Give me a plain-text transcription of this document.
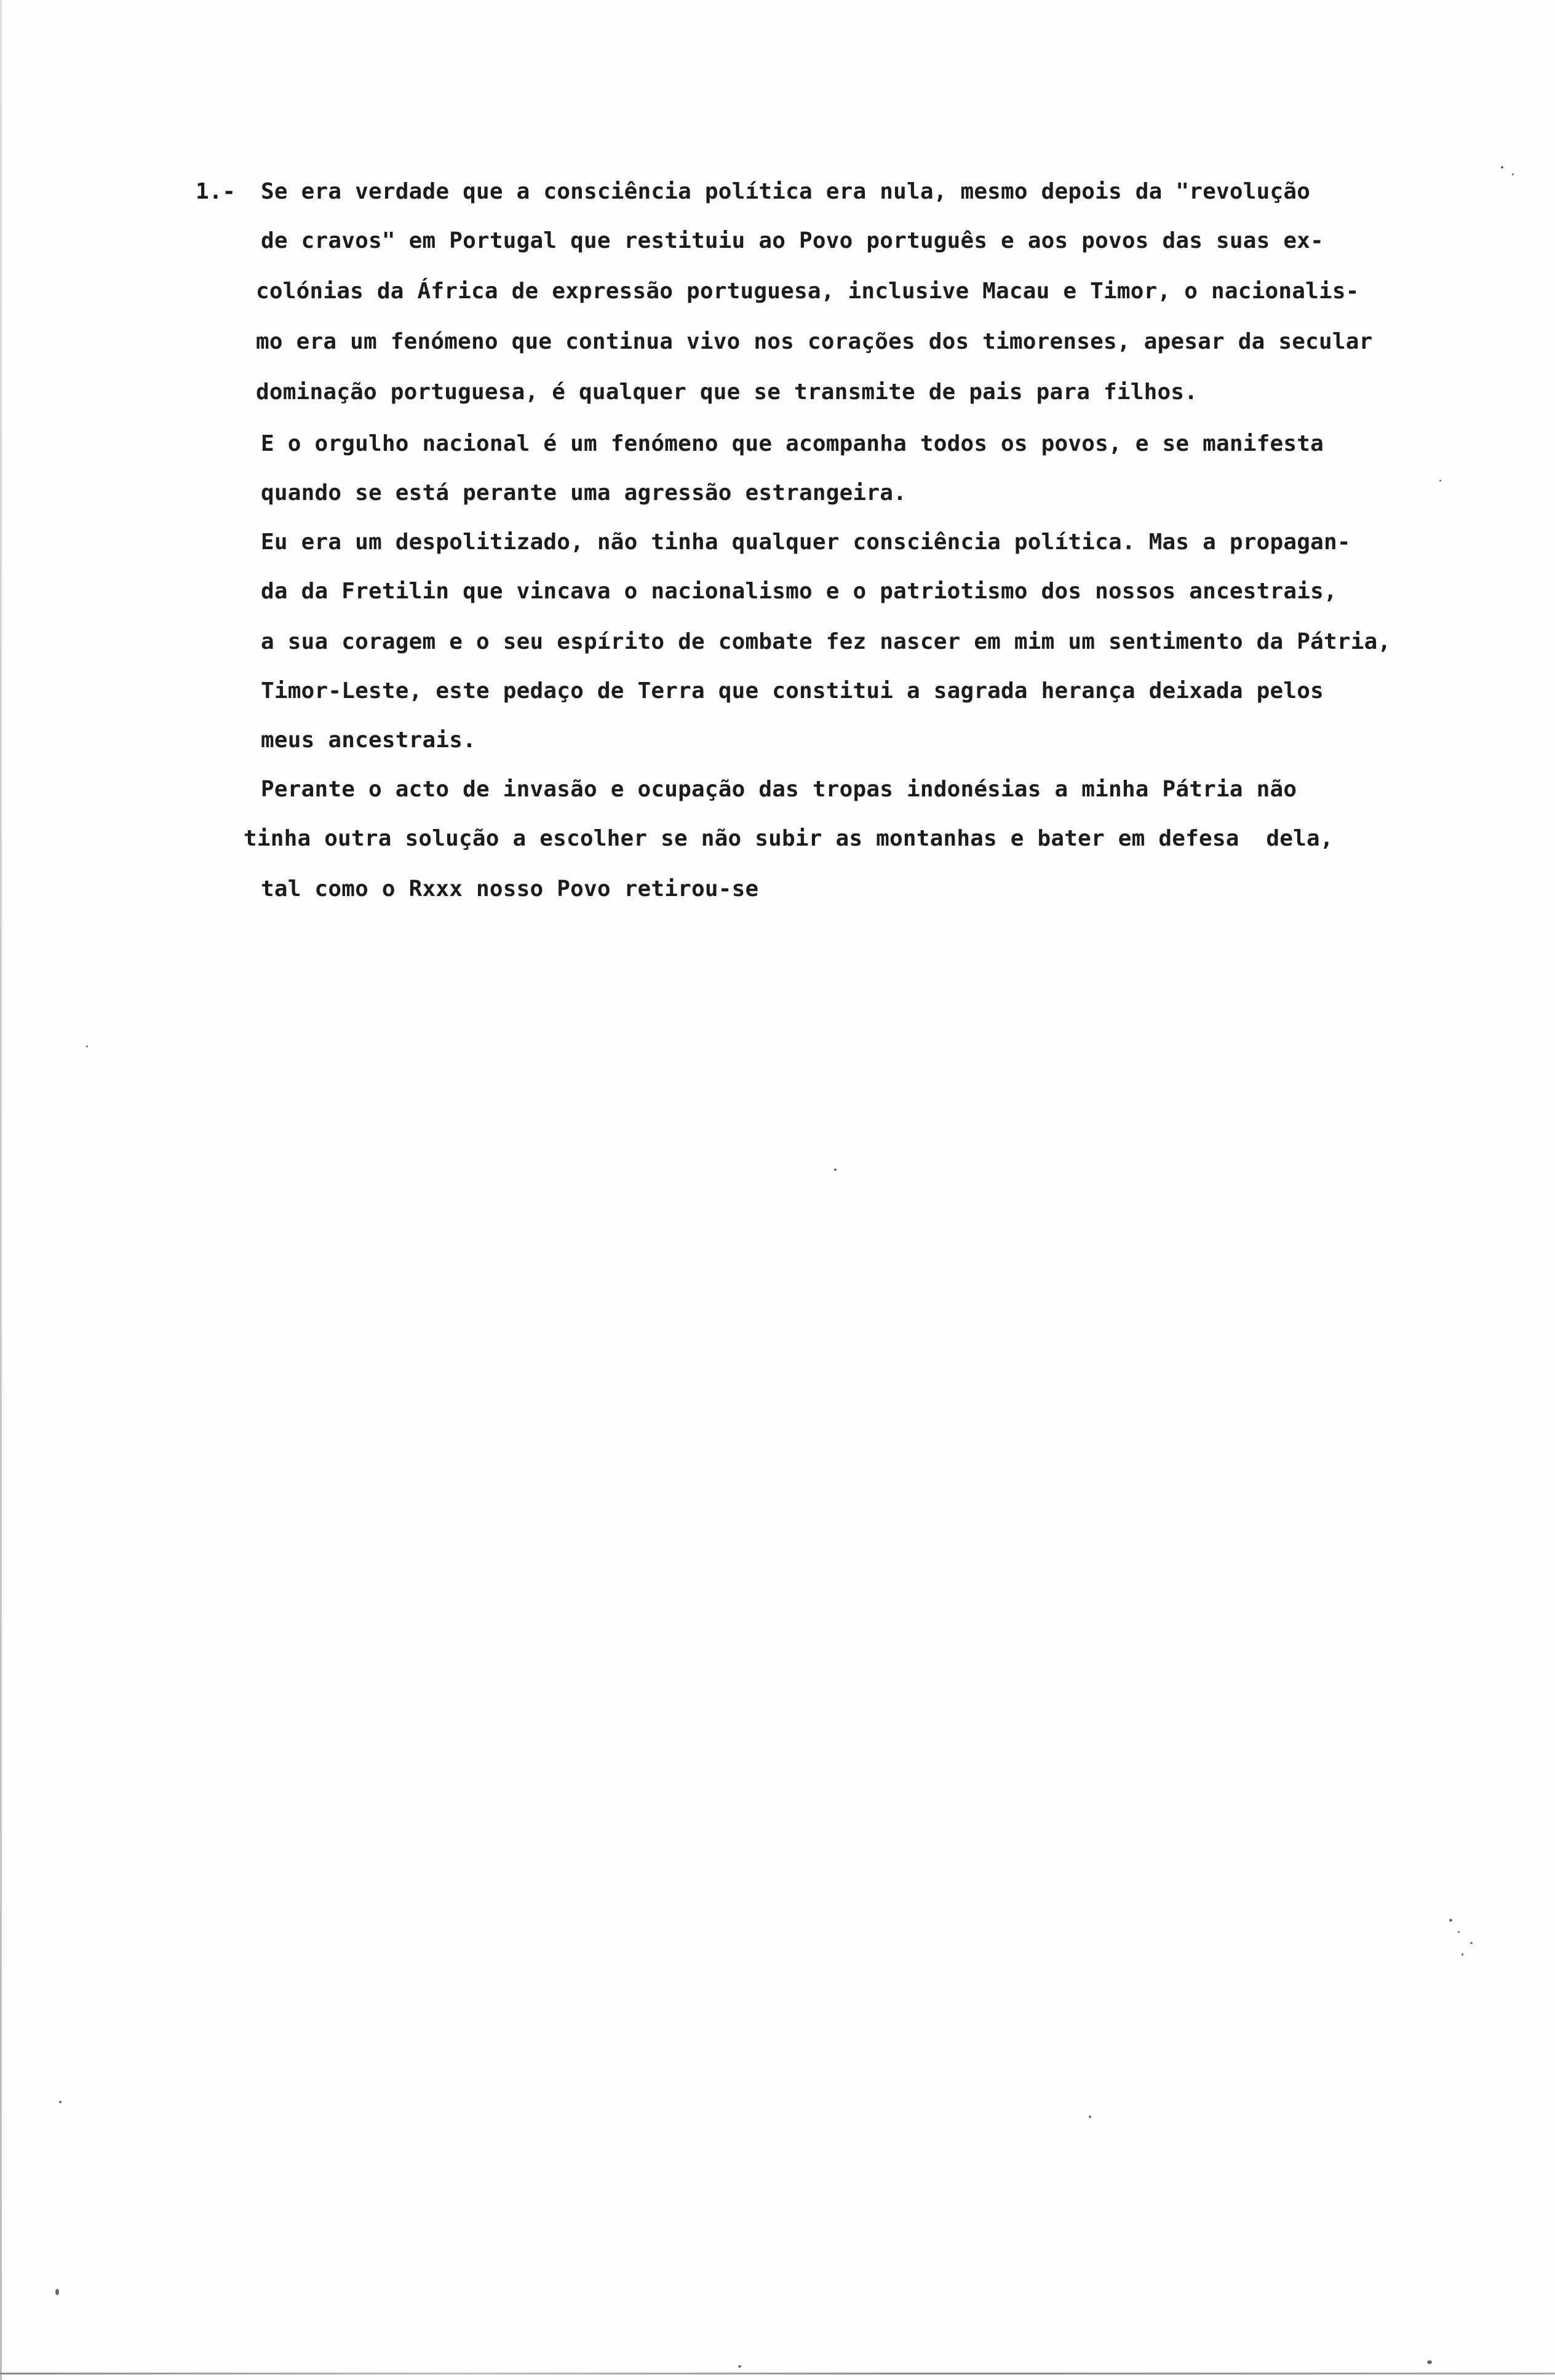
1.- Se era verdade que a consciência política era nula, mesmo depois da "revolução
de cravos" em Portugal que restituiu ao Povo português e aos povos das suas ex-
colónias da África de expressão portuguesa, inclusive Macau e Timor, o nacionalis-
mo era um fenómeno que continua vivo nos corações dos timorenses, apesar da secular
dominação portuguesa, é qualquer que se transmite de pais para filhos.
E o orgulho nacional é um fenómeno que acompanha todos os povos, e se manifesta
quando se está perante uma agressão estrangeira.
Eu era um despolitizado, não tinha qualquer consciência política. Mas a propagan-
da da Fretilin que vincava o nacionalismo e o patriotismo dos nossos ancestrais,
a sua coragem e o seu espírito de combate fez nascer em mim um sentimento da Pátria,
Timor-Leste, este pedaço de Terra que constitui a sagrada herança deixada pelos
meus ancestrais.
Perante o acto de invasão e ocupação das tropas indonésias a minha Pátria não
tinha outra solução a escolher se não subir as montanhas e bater em defesa  dela,
tal como o Rxxx nosso Povo retirou-se
